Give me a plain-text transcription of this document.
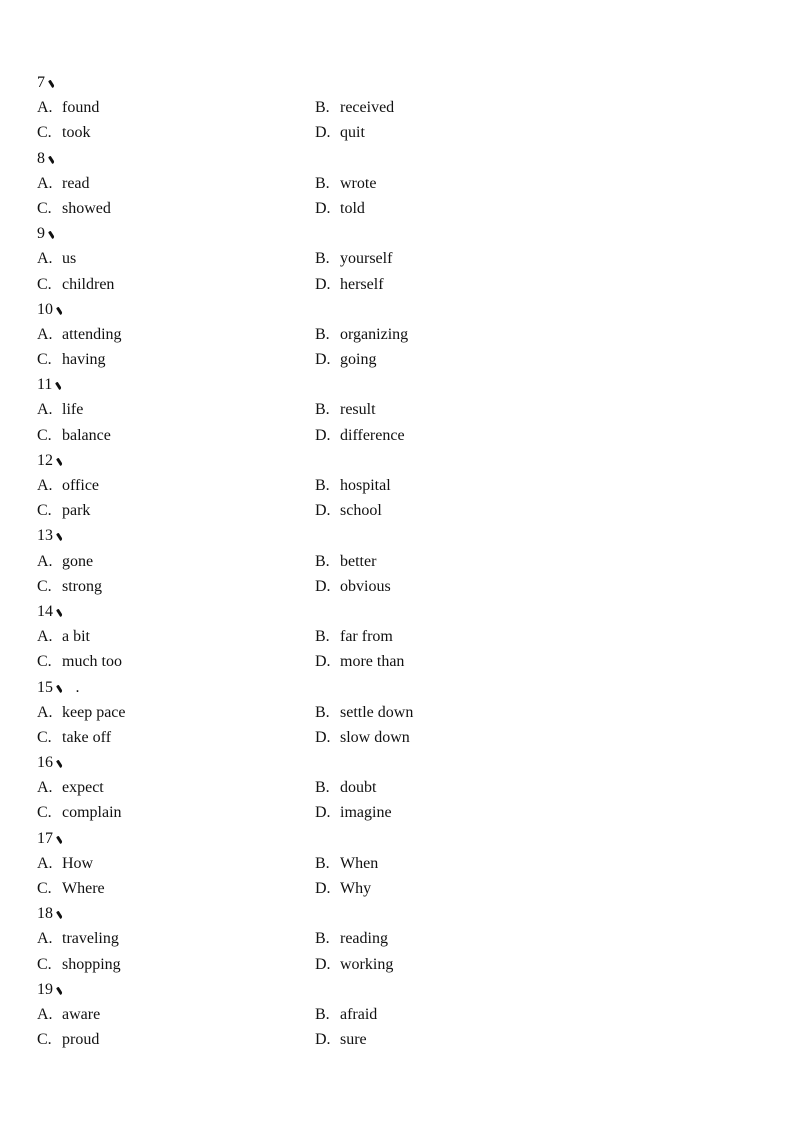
7
A. found	B. received
C. took	D. quit
8
A. read	B. wrote
C. showed	D. told
9
A. us	B. yourself
C. children	D. herself
10
A. attending	B. organizing
C. having	D. going
11
A. life	B. result
C. balance	D. difference
12
A. office	B. hospital
C. park	D. school
13
A. gone	B. better
C. strong	D. obvious
14
A. a bit	B. far from
C. much too	D. more than
15 .
A. keep pace	B. settle down
C. take off	D. slow down
16
A. expect	B. doubt
C. complain	D. imagine
17
A. How	B. When
C. Where	D. Why
18
A. traveling	B. reading
C. shopping	D. working
19
A. aware	B. afraid
C. proud	D. sure
